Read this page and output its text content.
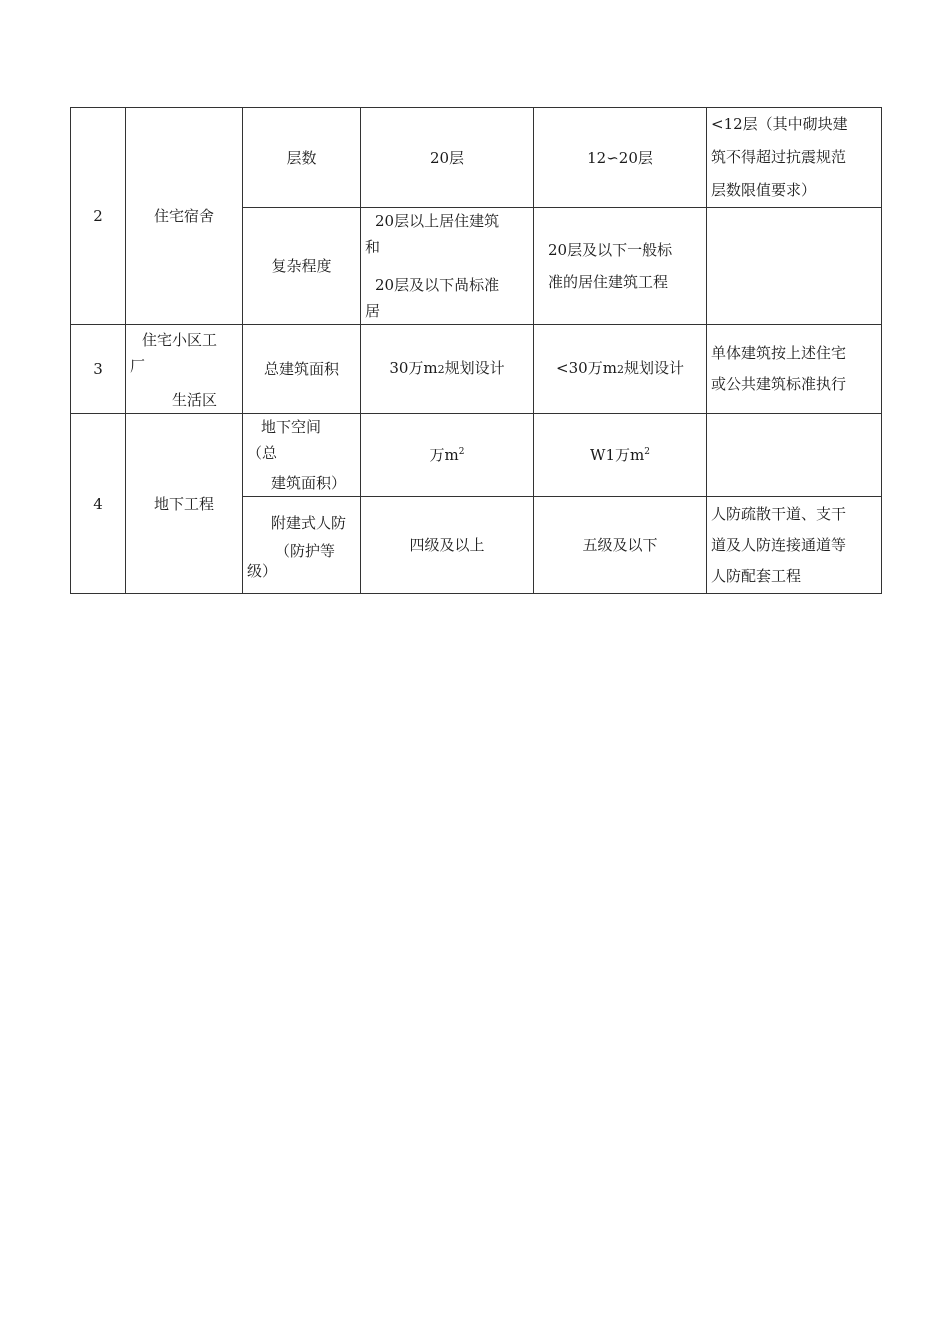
2	住宅宿舍	层数	20层	12∽20层	<12层（其中砌块建
筑不得超过抗震规范
层数限值要求）

		复杂程度	20层以上居住建筑
和
20层及以下咼标准
居	20层及以下一般标
准的居住建筑工程	

3	住宅小区工
厂
生活区	总建筑面积	30万m2规划设计	<30万m2规划设计	单体建筑按上述住宅
或公共建筑标准执行

4	地下工程	地下空间
（总
建筑面积）	万$m^2$	W1万$m^2$	

		附建式人防
（防护等
级）	四级及以上	五级及以下	人防疏散干道、支干
道及人防连接通道等
人防配套工程
